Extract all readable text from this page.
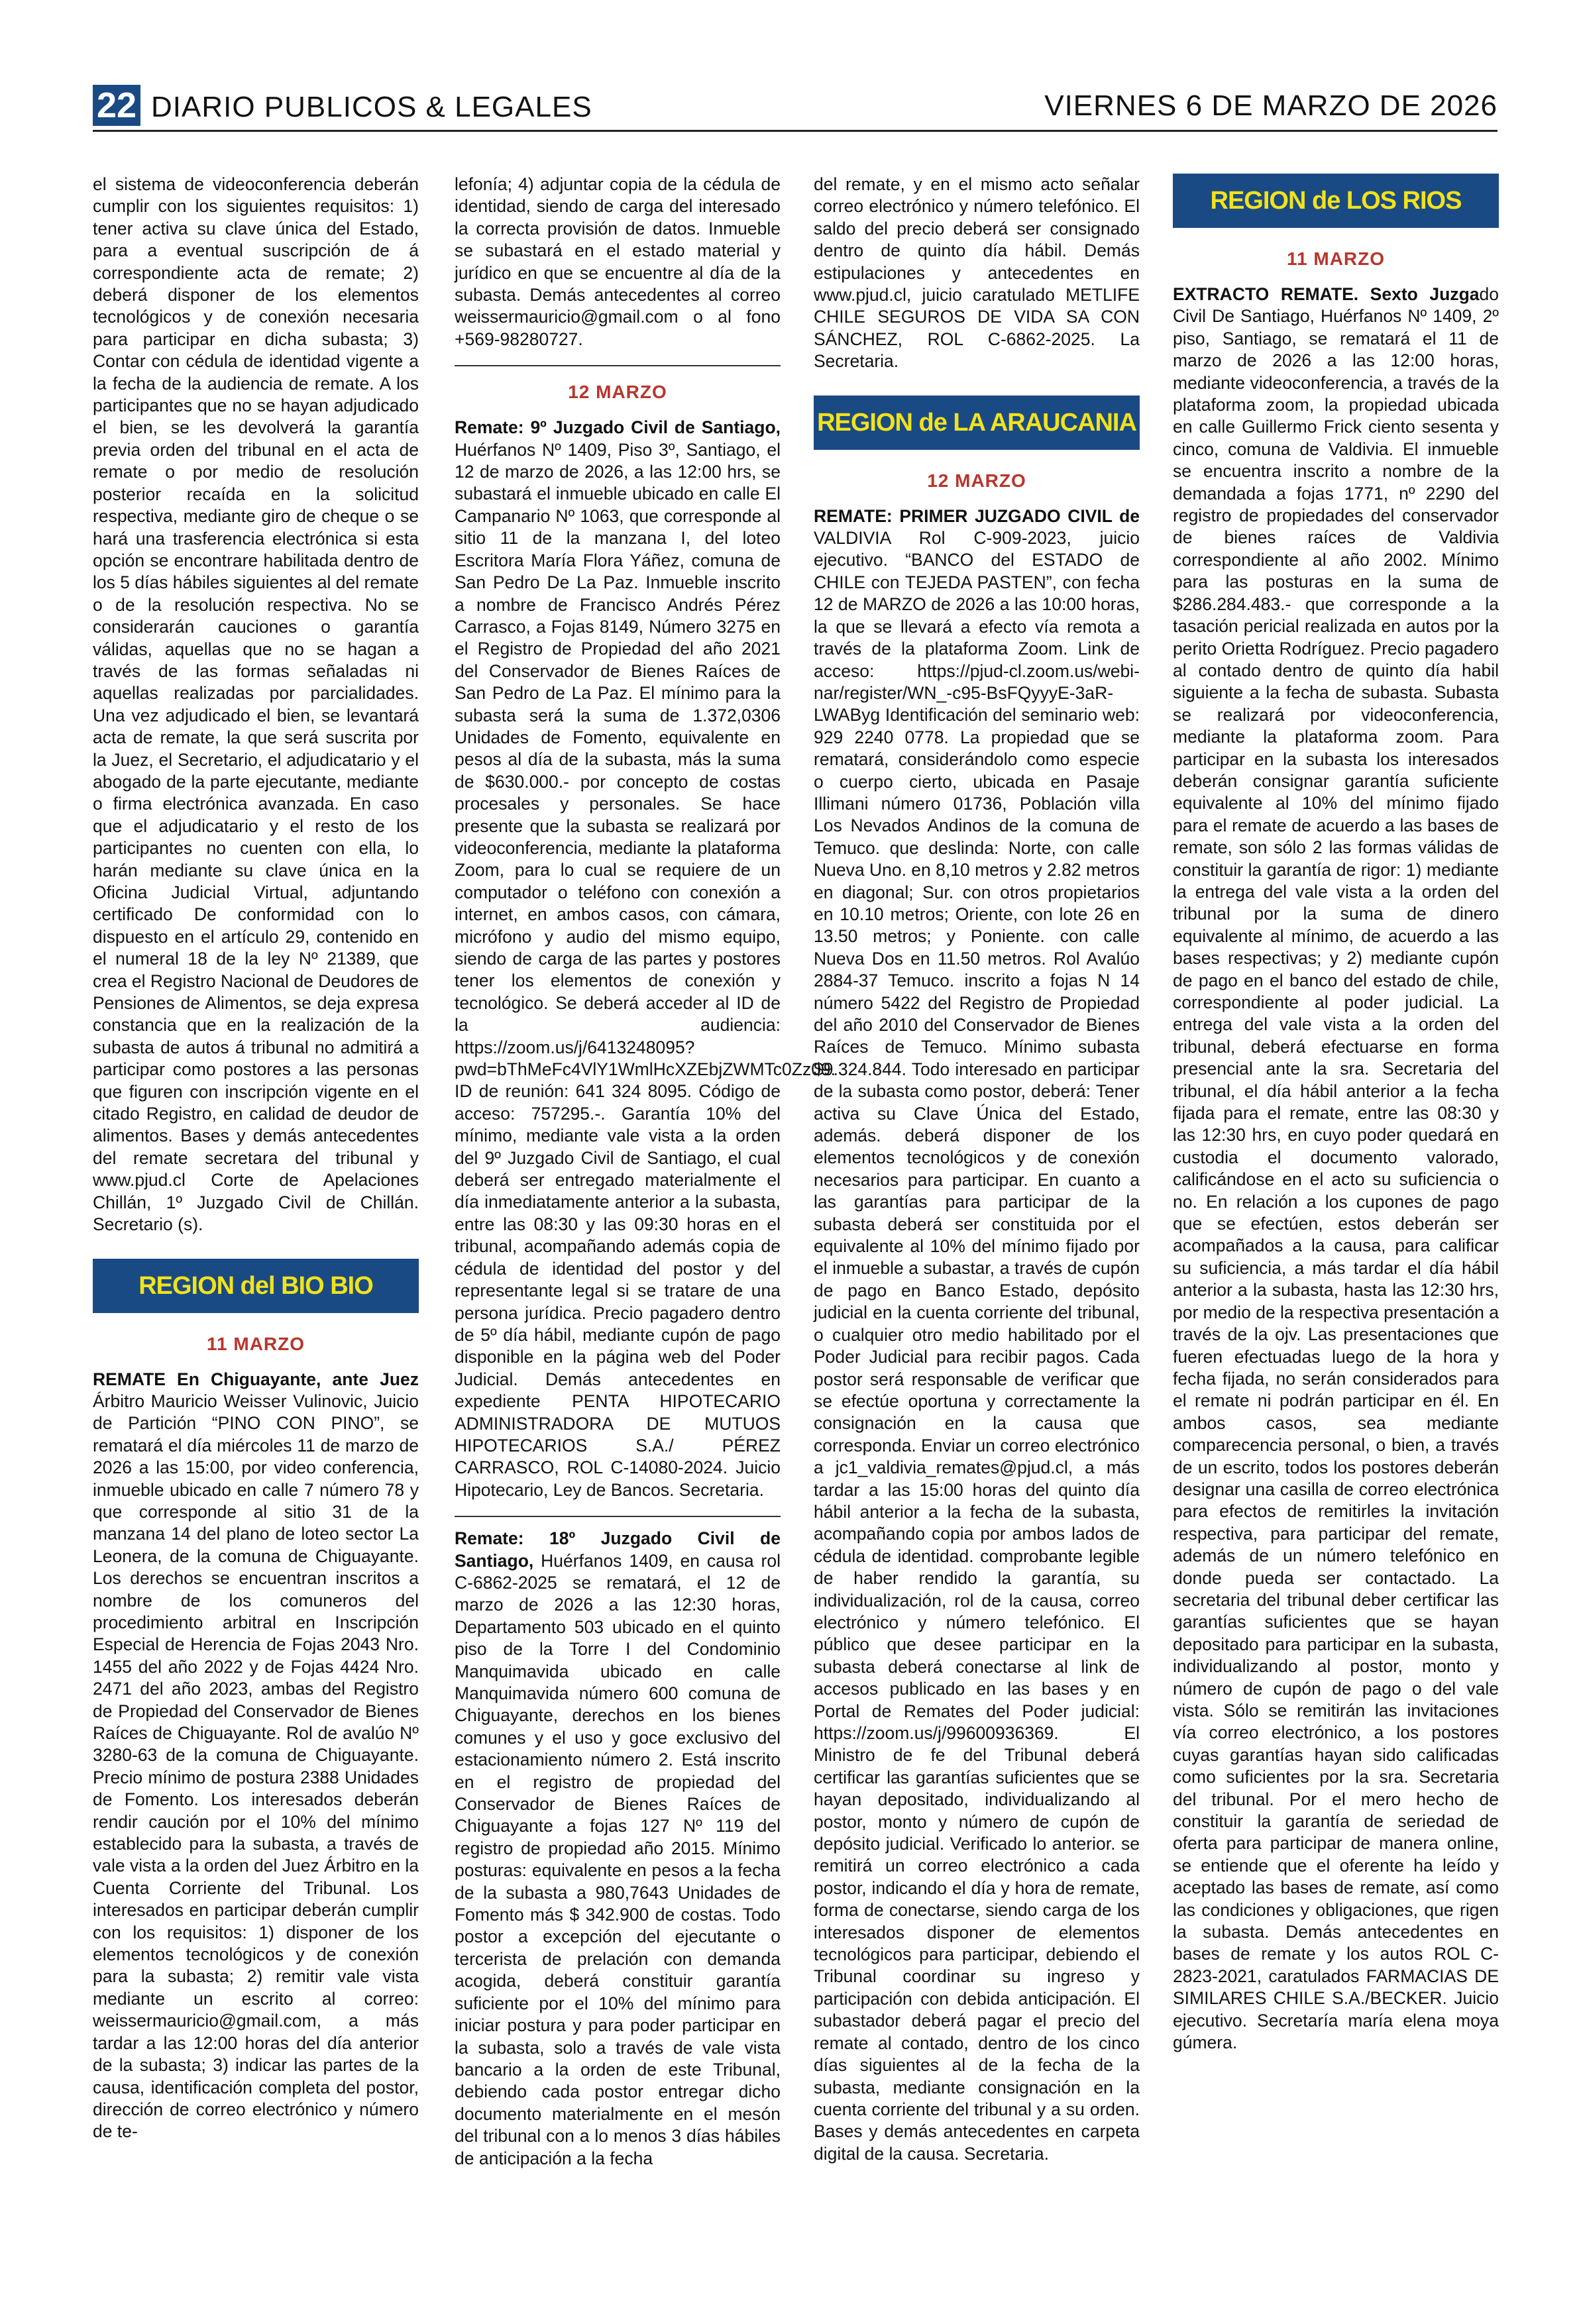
22 DIARIO PUBLICOS & LEGALES	VIERNES 6 DE MARZO DE 2026

el sistema de videoconferencia deberán cumplir con los siguientes requisitos: 1) tener activa su clave única del Estado, para a eventual suscripción de á correspondiente acta de remate; 2) deberá disponer de los elementos tecnológicos y de conexión necesaria para participar en dicha subasta; 3) Contar con cédula de identidad vigente a la fecha de la audiencia de remate. A los participantes que no se hayan adjudicado el bien, se les devolverá la garantía previa orden del tribunal en el acta de remate o por medio de resolución posterior recaída en la solicitud respectiva, mediante giro de cheque o se hará una trasferencia electrónica si esta opción se encontrare habilitada dentro de los 5 días hábiles siguientes al del remate o de la resolución respectiva. No se considerarán cauciones o garantía válidas, aquellas que no se hagan a través de las formas señaladas ni aquellas realizadas por parcialidades. Una vez adjudicado el bien, se levantará acta de remate, la que será suscrita por la Juez, el Secretario, el adjudicatario y el abogado de la parte ejecutante, mediante o firma electrónica avanzada. En caso que el adjudicatario y el resto de los participantes no cuenten con ella, lo harán mediante su clave única en la Oficina Judicial Virtual, adjuntando certificado De conformidad con lo dispuesto en el artículo 29, contenido en el numeral 18 de la ley Nº 21389, que crea el Registro Nacional de Deudores de Pensiones de Alimentos, se deja expresa constancia que en la realización de la subasta de autos á tribunal no admitirá a participar como postores a las personas que figuren con inscripción vigente en el citado Registro, en calidad de deudor de alimentos. Bases y demás antecedentes del remate secretara del tribunal y www.pjud.cl Corte de Apelaciones Chillán, 1º Juzgado Civil de Chillán. Secretario (s).

REGION del BIO BIO
11 MARZO

REMATE En Chiguayante, ante Juez Árbitro Mauricio Weisser Vulinovic, Juicio de Partición “PINO CON PINO”, se rematará el día miércoles 11 de marzo de 2026 a las 15:00, por video conferencia, inmueble ubicado en calle 7 número 78 y que corresponde al sitio 31 de la manzana 14 del plano de loteo sector La Leonera, de la comuna de Chiguayante. Los derechos se encuentran inscritos a nombre de los comuneros del procedimiento arbitral en Inscripción Especial de Herencia de Fojas 2043 Nro. 1455 del año 2022 y de Fojas 4424 Nro. 2471 del año 2023, ambas del Registro de Propiedad del Conservador de Bienes Raíces de Chiguayante. Rol de avalúo Nº 3280-63 de la comuna de Chiguayante. Precio mínimo de postura 2388 Unidades de Fomento. Los interesados deberán rendir caución por el 10% del mínimo establecido para la subasta, a través de vale vista a la orden del Juez Árbitro en la Cuenta Corriente del Tribunal. Los interesados en participar deberán cumplir con los requisitos: 1) disponer de los elementos tecnológicos y de conexión para la subasta; 2) remitir vale vista mediante un escrito al correo: weissermauricio@gmail.com, a más tardar a las 12:00 horas del día anterior de la subasta; 3) indicar las partes de la causa, identificación completa del postor, dirección de correo electrónico y número de te-

lefonía; 4) adjuntar copia de la cédula de identidad, siendo de carga del interesado la correcta provisión de datos. Inmueble se subastará en el estado material y jurídico en que se encuentre al día de la subasta. Demás antecedentes al correo weissermauricio@gmail.com o al fono +569-98280727.

12 MARZO

Remate: 9º Juzgado Civil de Santiago, Huérfanos Nº 1409, Piso 3º, Santiago, el 12 de marzo de 2026, a las 12:00 hrs, se subastará el inmueble ubicado en calle El Campanario Nº 1063, que corresponde al sitio 11 de la manzana I, del loteo Escritora María Flora Yáñez, comuna de San Pedro De La Paz. Inmueble inscrito a nombre de Francisco Andrés Pérez Carrasco, a Fojas 8149, Número 3275 en el Registro de Propiedad del año 2021 del Conservador de Bienes Raíces de San Pedro de La Paz. El mínimo para la subasta será la suma de 1.372,0306 Unidades de Fomento, equivalente en pesos al día de la subasta, más la suma de $630.000.- por concepto de costas procesales y personales. Se hace presente que la subasta se realizará por videoconferencia, mediante la plataforma Zoom, para lo cual se requiere de un computador o teléfono con conexión a internet, en ambos casos, con cámara, micrófono y audio del mismo equipo, siendo de carga de las partes y postores tener los elementos de conexión y tecnológico. Se deberá acceder al ID de la audiencia: https://zoom.us/j/6413248095?pwd=bThMeFc4VlY1WmlHcXZEbjZWMTc0Zz09. ID de reunión: 641 324 8095. Código de acceso: 757295.-. Garantía 10% del mínimo, mediante vale vista a la orden del 9º Juzgado Civil de Santiago, el cual deberá ser entregado materialmente el día inmediatamente anterior a la subasta, entre las 08:30 y las 09:30 horas en el tribunal, acompañando además copia de cédula de identidad del postor y del representante legal si se tratare de una persona jurídica. Precio pagadero dentro de 5º día hábil, mediante cupón de pago disponible en la página web del Poder Judicial. Demás antecedentes en expediente PENTA HIPOTECARIO ADMINISTRADORA DE MUTUOS HIPOTECARIOS S.A./ PÉREZ CARRASCO, ROL C-14080-2024. Juicio Hipotecario, Ley de Bancos. Secretaria.

Remate: 18º Juzgado Civil de Santiago, Huérfanos 1409, en causa rol C-6862-2025 se rematará, el 12 de marzo de 2026 a las 12:30 horas, Departamento 503 ubicado en el quinto piso de la Torre I del Condominio Manquimavida ubicado en calle Manquimavida número 600 comuna de Chiguayante, derechos en los bienes comunes y el uso y goce exclusivo del estacionamiento número 2. Está inscrito en el registro de propiedad del Conservador de Bienes Raíces de Chiguayante a fojas 127 Nº 119 del registro de propiedad año 2015. Mínimo posturas: equivalente en pesos a la fecha de la subasta a 980,7643 Unidades de Fomento más $ 342.900 de costas. Todo postor a excepción del ejecutante o tercerista de prelación con demanda acogida, deberá constituir garantía suficiente por el 10% del mínimo para iniciar postura y para poder participar en la subasta, solo a través de vale vista bancario a la orden de este Tribunal, debiendo cada postor entregar dicho documento materialmente en el mesón del tribunal con a lo menos 3 días hábiles de anticipación a la fecha

del remate, y en el mismo acto señalar correo electrónico y número telefónico. El saldo del precio deberá ser consignado dentro de quinto día hábil. Demás estipulaciones y antecedentes en www.pjud.cl, juicio caratulado METLIFE CHILE SEGUROS DE VIDA SA CON SÁNCHEZ, ROL C-6862-2025. La Secretaria.

REGION de LA ARAUCANIA
12 MARZO

REMATE: PRIMER JUZGADO CIVIL de VALDIVIA Rol C-909-2023, juicio ejecutivo. “BANCO del ESTADO de CHILE con TEJEDA PASTEN”, con fecha 12 de MARZO de 2026 a las 10:00 horas, la que se llevará a efecto vía remota a través de la plataforma Zoom. Link de acceso: https://pjud-cl.zoom.us/webi-nar/register/WN_-c95-BsFQyyyE-3aR-LWAByg Identificación del seminario web: 929 2240 0778. La propiedad que se rematará, considerándolo como especie o cuerpo cierto, ubicada en Pasaje Illimani número 01736, Población villa Los Nevados Andinos de la comuna de Temuco. que deslinda: Norte, con calle Nueva Uno. en 8,10 metros y 2.82 metros en diagonal; Sur. con otros propietarios en 10.10 metros; Oriente, con lote 26 en 13.50 metros; y Poniente. con calle Nueva Dos en 11.50 metros. Rol Avalúo 2884-37 Temuco. inscrito a fojas N 14 número 5422 del Registro de Propiedad del año 2010 del Conservador de Bienes Raíces de Temuco. Mínimo subasta $9.324.844. Todo interesado en participar de la subasta como postor, deberá: Tener activa su Clave Única del Estado, además. deberá disponer de los elementos tecnológicos y de conexión necesarios para participar. En cuanto a las garantías para participar de la subasta deberá ser constituida por el equivalente al 10% del mínimo fijado por el inmueble a subastar, a través de cupón de pago en Banco Estado, depósito judicial en la cuenta corriente del tribunal, o cualquier otro medio habilitado por el Poder Judicial para recibir pagos. Cada postor será responsable de verificar que se efectúe oportuna y correctamente la consignación en la causa que corresponda. Enviar un correo electrónico a jc1_valdivia_remates@pjud.cl, a más tardar a las 15:00 horas del quinto día hábil anterior a la fecha de la subasta, acompañando copia por ambos lados de cédula de identidad. comprobante legible de haber rendido la garantía, su individualización, rol de la causa, correo electrónico y número telefónico. El público que desee participar en la subasta deberá conectarse al link de accesos publicado en las bases y en Portal de Remates del Poder judicial: https://zoom.us/j/99600936369. El Ministro de fe del Tribunal deberá certificar las garantías suficientes que se hayan depositado, individualizando al postor, monto y número de cupón de depósito judicial. Verificado lo anterior. se remitirá un correo electrónico a cada postor, indicando el día y hora de remate, forma de conectarse, siendo carga de los interesados disponer de elementos tecnológicos para participar, debiendo el Tribunal coordinar su ingreso y participación con debida anticipación. El subastador deberá pagar el precio del remate al contado, dentro de los cinco días siguientes al de la fecha de la subasta, mediante consignación en la cuenta corriente del tribunal y a su orden. Bases y demás antecedentes en carpeta digital de la causa. Secretaria.

REGION de LOS RIOS
11 MARZO

EXTRACTO REMATE. Sexto Juzgado Civil De Santiago, Huérfanos Nº 1409, 2º piso, Santiago, se rematará el 11 de marzo de 2026 a las 12:00 horas, mediante videoconferencia, a través de la plataforma zoom, la propiedad ubicada en calle Guillermo Frick ciento sesenta y cinco, comuna de Valdivia. El inmueble se encuentra inscrito a nombre de la demandada a fojas 1771, nº 2290 del registro de propiedades del conservador de bienes raíces de Valdivia correspondiente al año 2002. Mínimo para las posturas en la suma de $286.284.483.- que corresponde a la tasación pericial realizada en autos por la perito Orietta Rodríguez. Precio pagadero al contado dentro de quinto día habil siguiente a la fecha de subasta. Subasta se realizará por videoconferencia, mediante la plataforma zoom. Para participar en la subasta los interesados deberán consignar garantía suficiente equivalente al 10% del mínimo fijado para el remate de acuerdo a las bases de remate, son sólo 2 las formas válidas de constituir la garantía de rigor: 1) mediante la entrega del vale vista a la orden del tribunal por la suma de dinero equivalente al mínimo, de acuerdo a las bases respectivas; y 2) mediante cupón de pago en el banco del estado de chile, correspondiente al poder judicial. La entrega del vale vista a la orden del tribunal, deberá efectuarse en forma presencial ante la sra. Secretaria del tribunal, el día hábil anterior a la fecha fijada para el remate, entre las 08:30 y las 12:30 hrs, en cuyo poder quedará en custodia el documento valorado, calificándose en el acto su suficiencia o no. En relación a los cupones de pago que se efectúen, estos deberán ser acompañados a la causa, para calificar su suficiencia, a más tardar el día hábil anterior a la subasta, hasta las 12:30 hrs, por medio de la respectiva presentación a través de la ojv. Las presentaciones que fueren efectuadas luego de la hora y fecha fijada, no serán considerados para el remate ni podrán participar en él. En ambos casos, sea mediante comparecencia personal, o bien, a través de un escrito, todos los postores deberán designar una casilla de correo electrónica para efectos de remitirles la invitación respectiva, para participar del remate, además de un número telefónico en donde pueda ser contactado. La secretaria del tribunal deber certificar las garantías suficientes que se hayan depositado para participar en la subasta, individualizando al postor, monto y número de cupón de pago o del vale vista. Sólo se remitirán las invitaciones vía correo electrónico, a los postores cuyas garantías hayan sido calificadas como suficientes por la sra. Secretaria del tribunal. Por el mero hecho de constituir la garantía de seriedad de oferta para participar de manera online, se entiende que el oferente ha leído y aceptado las bases de remate, así como las condiciones y obligaciones, que rigen la subasta. Demás antecedentes en bases de remate y los autos ROL C-2823-2021, caratulados FARMACIAS DE SIMILARES CHILE S.A./BECKER. Juicio ejecutivo. Secretaría maría elena moya gúmera.
